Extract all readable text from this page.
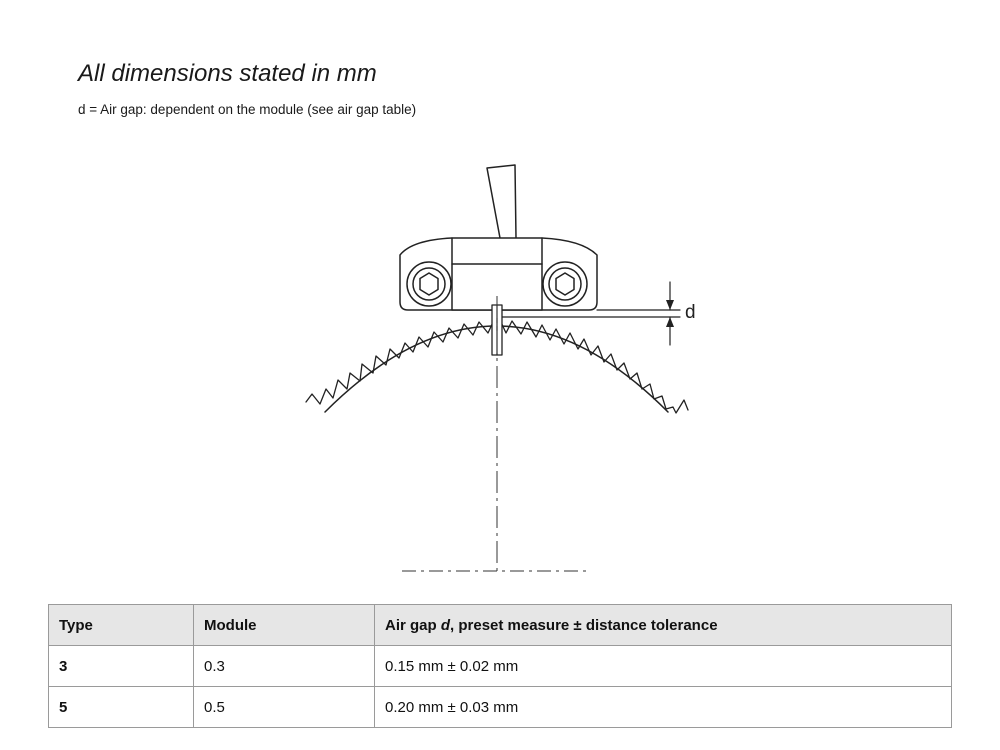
All dimensions stated in mm

d = Air gap: dependent on the module (see air gap table)

d
Type	Module	Air gap d, preset measure ± distance tolerance
3	0.3	0.15 mm ± 0.02 mm
5	0.5	0.20 mm ± 0.03 mm
